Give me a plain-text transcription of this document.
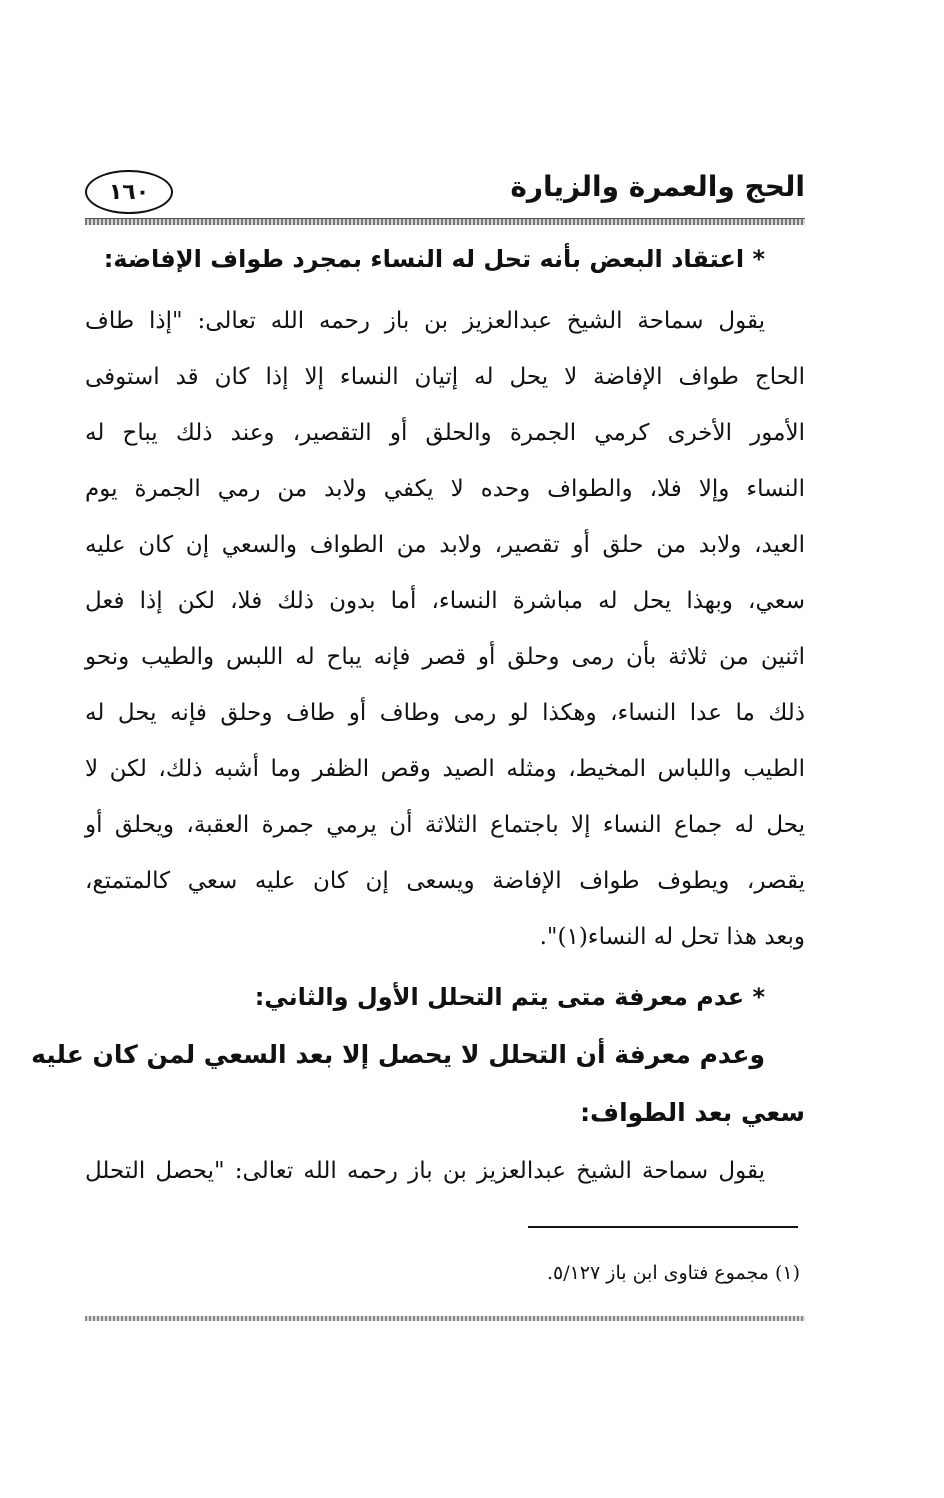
١٦٠	الحج والعمرة والزيارة
* اعتقاد البعض بأنه تحل له النساء بمجرد طواف الإفاضة:
يقول سماحة الشيخ عبدالعزيز بن باز رحمه الله تعالى: "إذا طاف
الحاج طواف الإفاضة لا يحل له إتيان النساء إلا إذا كان قد استوفى
الأمور الأخرى كرمي الجمرة والحلق أو التقصير، وعند ذلك يباح له
النساء وإلا فلا، والطواف وحده لا يكفي ولابد من رمي الجمرة يوم
العيد، ولابد من حلق أو تقصير، ولابد من الطواف والسعي إن كان عليه
سعي، وبهذا يحل له مباشرة النساء، أما بدون ذلك فلا، لكن إذا فعل
اثنين من ثلاثة بأن رمى وحلق أو قصر فإنه يباح له اللبس والطيب ونحو
ذلك ما عدا النساء، وهكذا لو رمى وطاف أو طاف وحلق فإنه يحل له
الطيب واللباس المخيط، ومثله الصيد وقص الظفر وما أشبه ذلك، لكن لا
يحل له جماع النساء إلا باجتماع الثلاثة أن يرمي جمرة العقبة، ويحلق أو
يقصر، ويطوف طواف الإفاضة ويسعى إن كان عليه سعي كالمتمتع،
وبعد هذا تحل له النساء(١)".
* عدم معرفة متى يتم التحلل الأول والثاني:
وعدم معرفة أن التحلل لا يحصل إلا بعد السعي لمن كان عليه
سعي بعد الطواف:
يقول سماحة الشيخ عبدالعزيز بن باز رحمه الله تعالى: "يحصل التحلل
(١) مجموع فتاوى ابن باز ٥/١٢٧.
